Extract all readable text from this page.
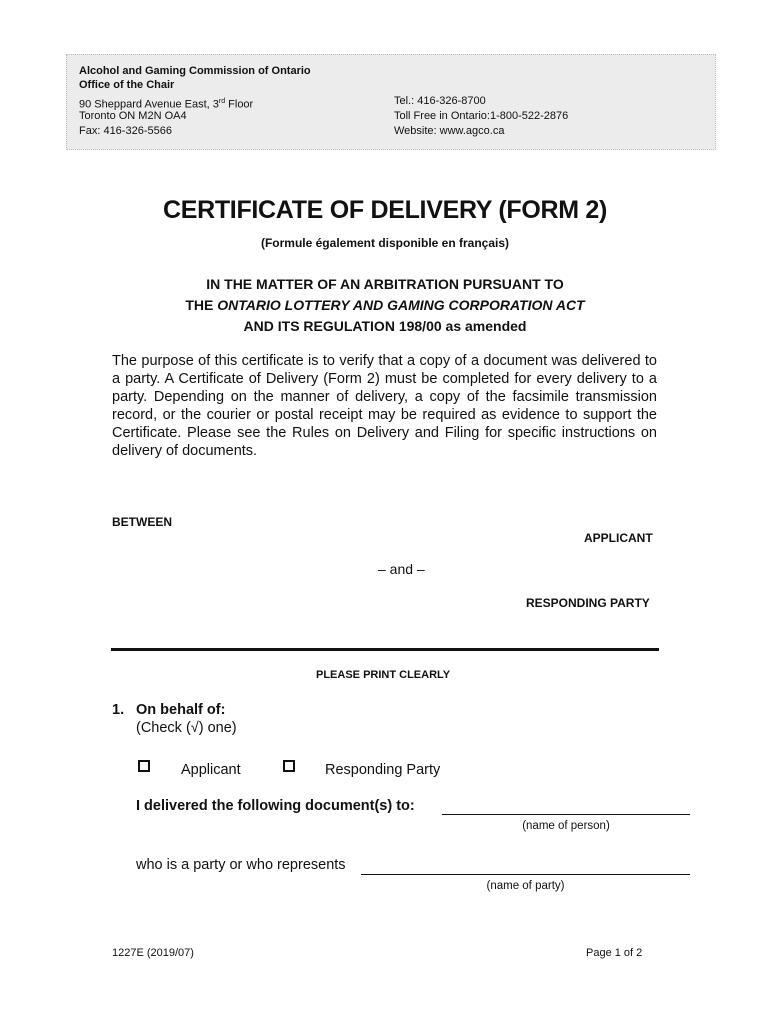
Alcohol and Gaming Commission of Ontario
Office of the Chair
90 Sheppard Avenue East, 3rd Floor
Toronto ON M2N OA4
Fax: 416-326-5566
Tel.: 416-326-8700
Toll Free in Ontario:1-800-522-2876
Website: www.agco.ca
CERTIFICATE OF DELIVERY (FORM 2)
(Formule également disponible en français)
IN THE MATTER OF AN ARBITRATION PURSUANT TO
THE ONTARIO LOTTERY AND GAMING CORPORATION ACT
AND ITS REGULATION 198/00 as amended

The purpose of this certificate is to verify that a copy of a document was delivered to a party. A Certificate of Delivery (Form 2) must be completed for every delivery to a party. Depending on the manner of delivery, a copy of the facsimile transmission record, or the courier or postal receipt may be required as evidence to support the Certificate. Please see the Rules on Delivery and Filing for specific instructions on delivery of documents.

BETWEEN
APPLICANT
– and –
RESPONDING PARTY
PLEASE PRINT CLEARLY
1. On behalf of:
(Check (√) one)
Applicant	Responding Party
I delivered the following document(s) to:
(name of person)
who is a party or who represents
(name of party)
1227E (2019/07)	Page 1 of 2
